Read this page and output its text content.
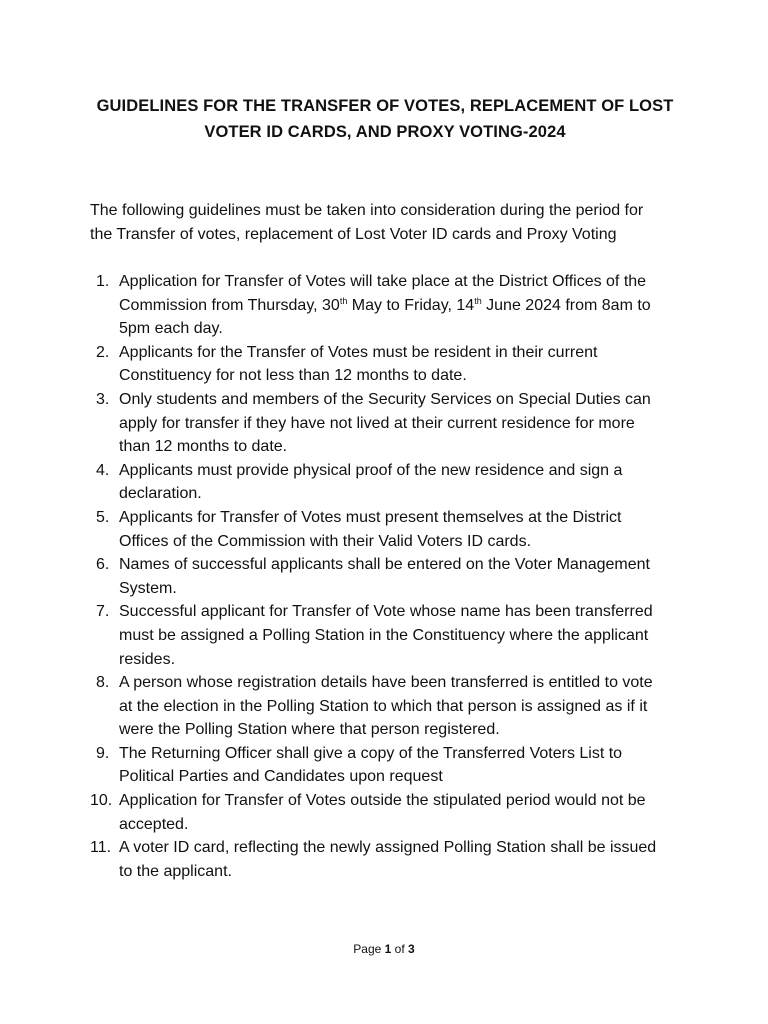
GUIDELINES FOR THE TRANSFER OF VOTES, REPLACEMENT OF LOST
VOTER ID CARDS, AND PROXY VOTING-2024
The following guidelines must be taken into consideration during the period for
the Transfer of votes, replacement of Lost Voter ID cards and Proxy Voting
1. Application for Transfer of Votes will take place at the District Offices of the
Commission from Thursday, 30th May to Friday, 14th June 2024 from 8am to
5pm each day.
2. Applicants for the Transfer of Votes must be resident in their current
Constituency for not less than 12 months to date.
3. Only students and members of the Security Services on Special Duties can
apply for transfer if they have not lived at their current residence for more
than 12 months to date.
4. Applicants must provide physical proof of the new residence and sign a
declaration.
5. Applicants for Transfer of Votes must present themselves at the District
Offices of the Commission with their Valid Voters ID cards.
6. Names of successful applicants shall be entered on the Voter Management
System.
7. Successful applicant for Transfer of Vote whose name has been transferred
must be assigned a Polling Station in the Constituency where the applicant
resides.
8. A person whose registration details have been transferred is entitled to vote
at the election in the Polling Station to which that person is assigned as if it
were the Polling Station where that person registered.
9. The Returning Officer shall give a copy of the Transferred Voters List to
Political Parties and Candidates upon request
10. Application for Transfer of Votes outside the stipulated period would not be
accepted.
11. A voter ID card, reflecting the newly assigned Polling Station shall be issued
to the applicant.
Page 1 of 3
